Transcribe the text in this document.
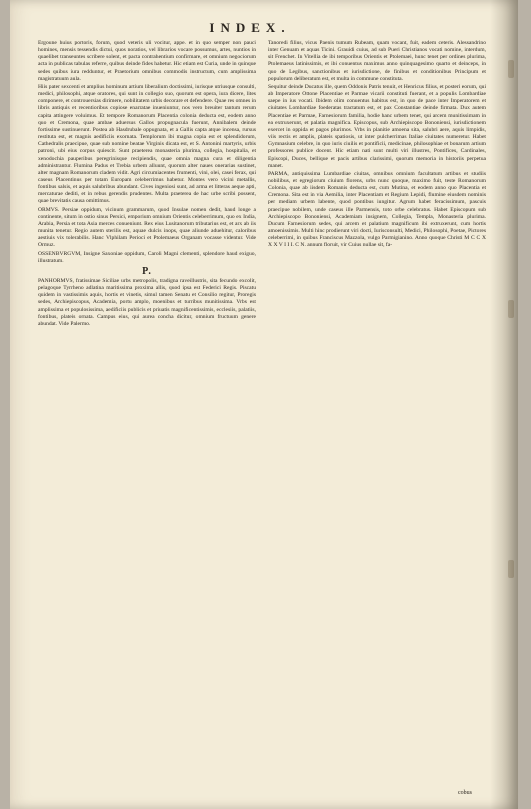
INDEX.

Ergoune huius portoris, forum, quod veteris uli vocitur, appe. et in quo semper non pauci homines, mensis tessendis dictui, quos noratios, vel librarios vocare possumus, artes, nuntios in quaelibet transeuntes scribere solent, et pacta contrahentium confirmare, et omnium negociorum acta in publicas tabulas referre, quibus deinde fides habetur. Hic etiam est Curia, unde in quinque sedes quibus iura redduntur, et Praetorium omnibus commodis instructum, cum amplissima magistratuum aula.

Hiis pater sexcenti et amplius hominum artium liberalium doctissimi, iurisque utriusque consulti, medici, philosophi, atque oratores, qui sunt in collegio suo, quorum est opera, iura dicere, lites componere, et controuersias dirimere, nobilitatem urbis decorare et defendere. Quae res omnes in libris antiquis et recentioribus copiose enarratae inueniuntur, nos vero breuiter tantum rerum capita attingere voluimus. Et tempore Romanorum Placentia colonia deducta est, eodem anno quo et Cremona, quae ambae aduersus Gallos propugnacula fuerunt, Annibalem deinde fortissime sustinuerunt. Postea ab Hasdrubale oppugnata, et a Gallis capta atque incensa, rursus restituta est, et magnis aedificiis exornata. Templorum ibi magna copia est et splendidorum, Cathedralis praecipue, quae sub nomine beatae Virginis dicata est, et S. Antonini martyris, urbis patroni, ubi eius corpus quiescit. Sunt praeterea monasteria plurima, collegia, hospitalia, et xenodochia pauperibus peregrinisque recipiendis, quae omnia magna cura et diligentia administrantur. Flumina Padus et Trebia urbem alluunt, quorum alter naues onerarias sustinet, alter magnam Romanorum cladem vidit. Agri circumiacentes frumenti, vini, olei, casei ferax, qui caseus Placentinus per totam Europam celeberrimus habetur. Montes vero vicini metallis, fontibus salsis, et aquis salubribus abundant. Cives ingeniosi sunt, ad arma et litteras aeque apti, mercaturae dediti, et in rebus gerendis prudentes. Multa praeterea de hac urbe scribi possent, quae brevitatis causa omittimus.

ORMVS. Persiae oppidum, vicinum grammarum, quod Insulae nomen dedit, haud longe a continente, situm in ostio sinus Persici, emporium omnium Orientis celeberrimum, quo ex India, Arabia, Persia et tota Asia merces conueniunt. Rex eius Lusitanorum tributarius est, et arx ab iis munita tenetur. Regio autem sterilis est, aquae dulcis inops, quae aliunde aduehitur, caloribus aestiuis vix tolerabilis. Hanc Vlphilam Perioci et Ptolemaeus Organam vocasse videntur. Vide Ormuz.

OSSENBVRGVM, Insigne Saxoniae oppidum, Caroli Magni clementi, splendore haud exiguo, illustratum.

P.

PANHORMVS, fratissimae Siciliae urbs metropolis, tradigna raveillustris, sita fecundo excolit, pelagoque Tyrrheno adlatina maritissima proxima allis, quod ipsa est Federici Regis. Piscatu quidem in vastissimis aquis, hortis et vinetis, simul tamen Senatu et Consilio regitur, Proregis sedes, Archiepiscopus, Academia, portu amplo, moenibus et turribus munitissima. Vrbs est amplissima et populosissima, aedificiis publicis et priuatis magnificentissimis, ecclesiis, palatiis, fontibus, plateis ornata. Campus eius, qui aurea concha dicitur, omnium fructuum genere abundat. Vide Palermo.

Tanoredi filius, vicus Paenis tumum Rubeam, quam vocant, fuit, eadem ceteris. Alessandrino inter Genuam et aquas Ticini. Grauidi cuius, ad sub Pueri Christianos vocati nomine, interdum, sit Frenchet. In Vitellia de ibi temporibus Orientis et Ptolemaei, hunc tenet per ordines plurima, Ptolemaeus latinissimis, et ibi conuentus maximus anno quinquagesimo quarto et deinceps, in quo de Legibus, sanctionibus et iurisdictione, de finibus et conditionibus Principum et populorum deliberatum est, et multa in commune constituta.

Sequitur deinde Ducatus ille, quem Oddonis Patris tenuit, et Henricus filius, et posteri eorum, qui ab Imperatore Ottone Placentiae et Parmae vicarii constituti fuerant, et a populis Lombardiae saepe in ius vocati. Ibidem olim conuentus habitus est, in quo de pace inter Imperatorem et ciuitates Lombardiae foederatas tractatum est, et pax Constantiae deinde firmata. Dux autem Placentiae et Parmae, Farnesiorum familia, hodie hanc urbem tenet, qui arcem munitissimam in ea extruxerunt, et palatia magnifica. Episcopus, sub Archiepiscopo Bononiensi, iurisdictionem exercet in oppida et pagos plurimos. Vrbs in planitie amoena sita, salubri aere, aquis limpidis, viis rectis et amplis, plateis spatiosis, ut inter pulcherrimas Italiae ciuitates numeretur. Habet Gymnasium celebre, in quo iuris ciuilis et pontificii, medicinae, philosophiae et bonarum artium professores publice docent. Hic etiam nati sunt multi viri illustres, Pontifices, Cardinales, Episcopi, Duces, bellique et pacis artibus clarissimi, quorum memoria in historiis perpetua manet.

PARMA, antiquissima Lumbardiae ciuitas, omnibus omnium facultatum artibus et studiis nobilibus, et egregiorum ciuium florens, urbs nunc quoque, maximo fuit, teste Romanorum Colonia, quae ab iisdem Romanis deducta est, cum Mutina, et eodem anno quo Placentia et Cremona. Sita est in via Aemilia, inter Placentiam et Regium Lepidi, flumine eiusdem nominis per mediam urbem labente, quod pontibus iungitur. Agrum habet feracissimum, pascuis praecipue nobilem, unde caseus ille Parmensis, toto orbe celebratus. Habet Episcopum sub Archiepiscopo Bononiensi, Academiam insignem, Collegia, Templa, Monasteria plurima. Ducum Farnesiorum sedes, qui arcem et palatium magnificum ibi extruxerunt, cum hortis amoenissimis. Multi hinc prodierunt viri docti, Iurisconsulti, Medici, Philosophi, Poetae, Pictores celeberrimi, in quibus Franciscus Mazzola, vulgo Parmigianino. Anno quoque Christi M C C X X X V I I I. C N. annum floruit, vir Cuius nullae sit, fa-

cobus
